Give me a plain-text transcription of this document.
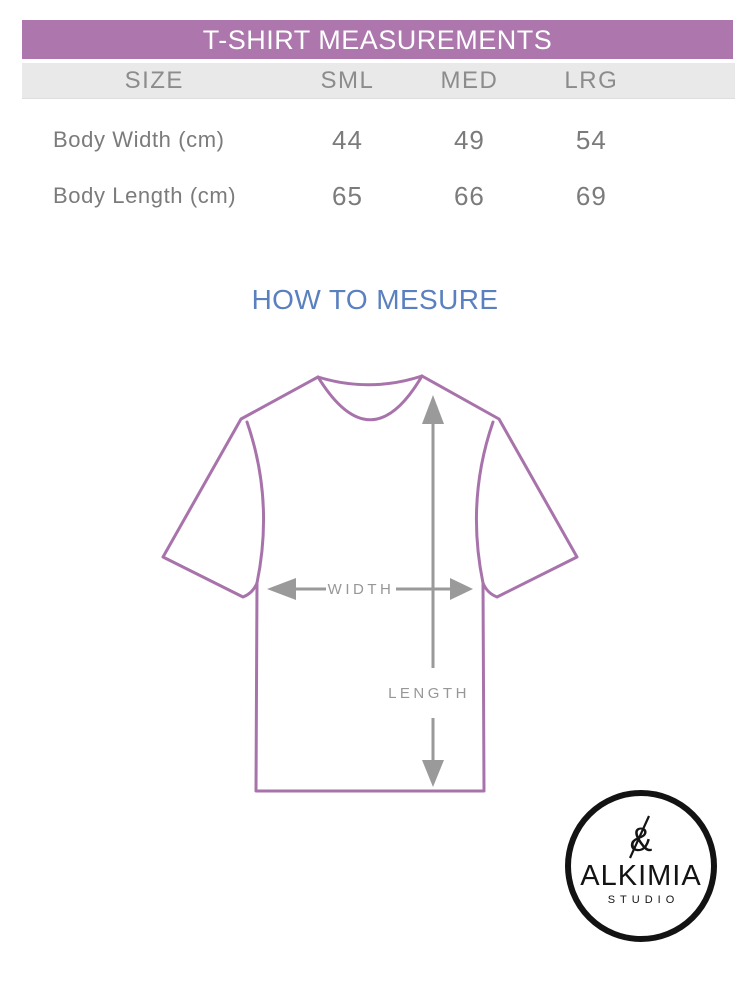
T-SHIRT MEASUREMENTS
SIZE	SML	MED	LRG
Body Width (cm)	44	49	54
Body Length (cm)	65	66	69
HOW TO MESURE
LENGTH
WIDTH
&
ALKIMIA
STUDIO
